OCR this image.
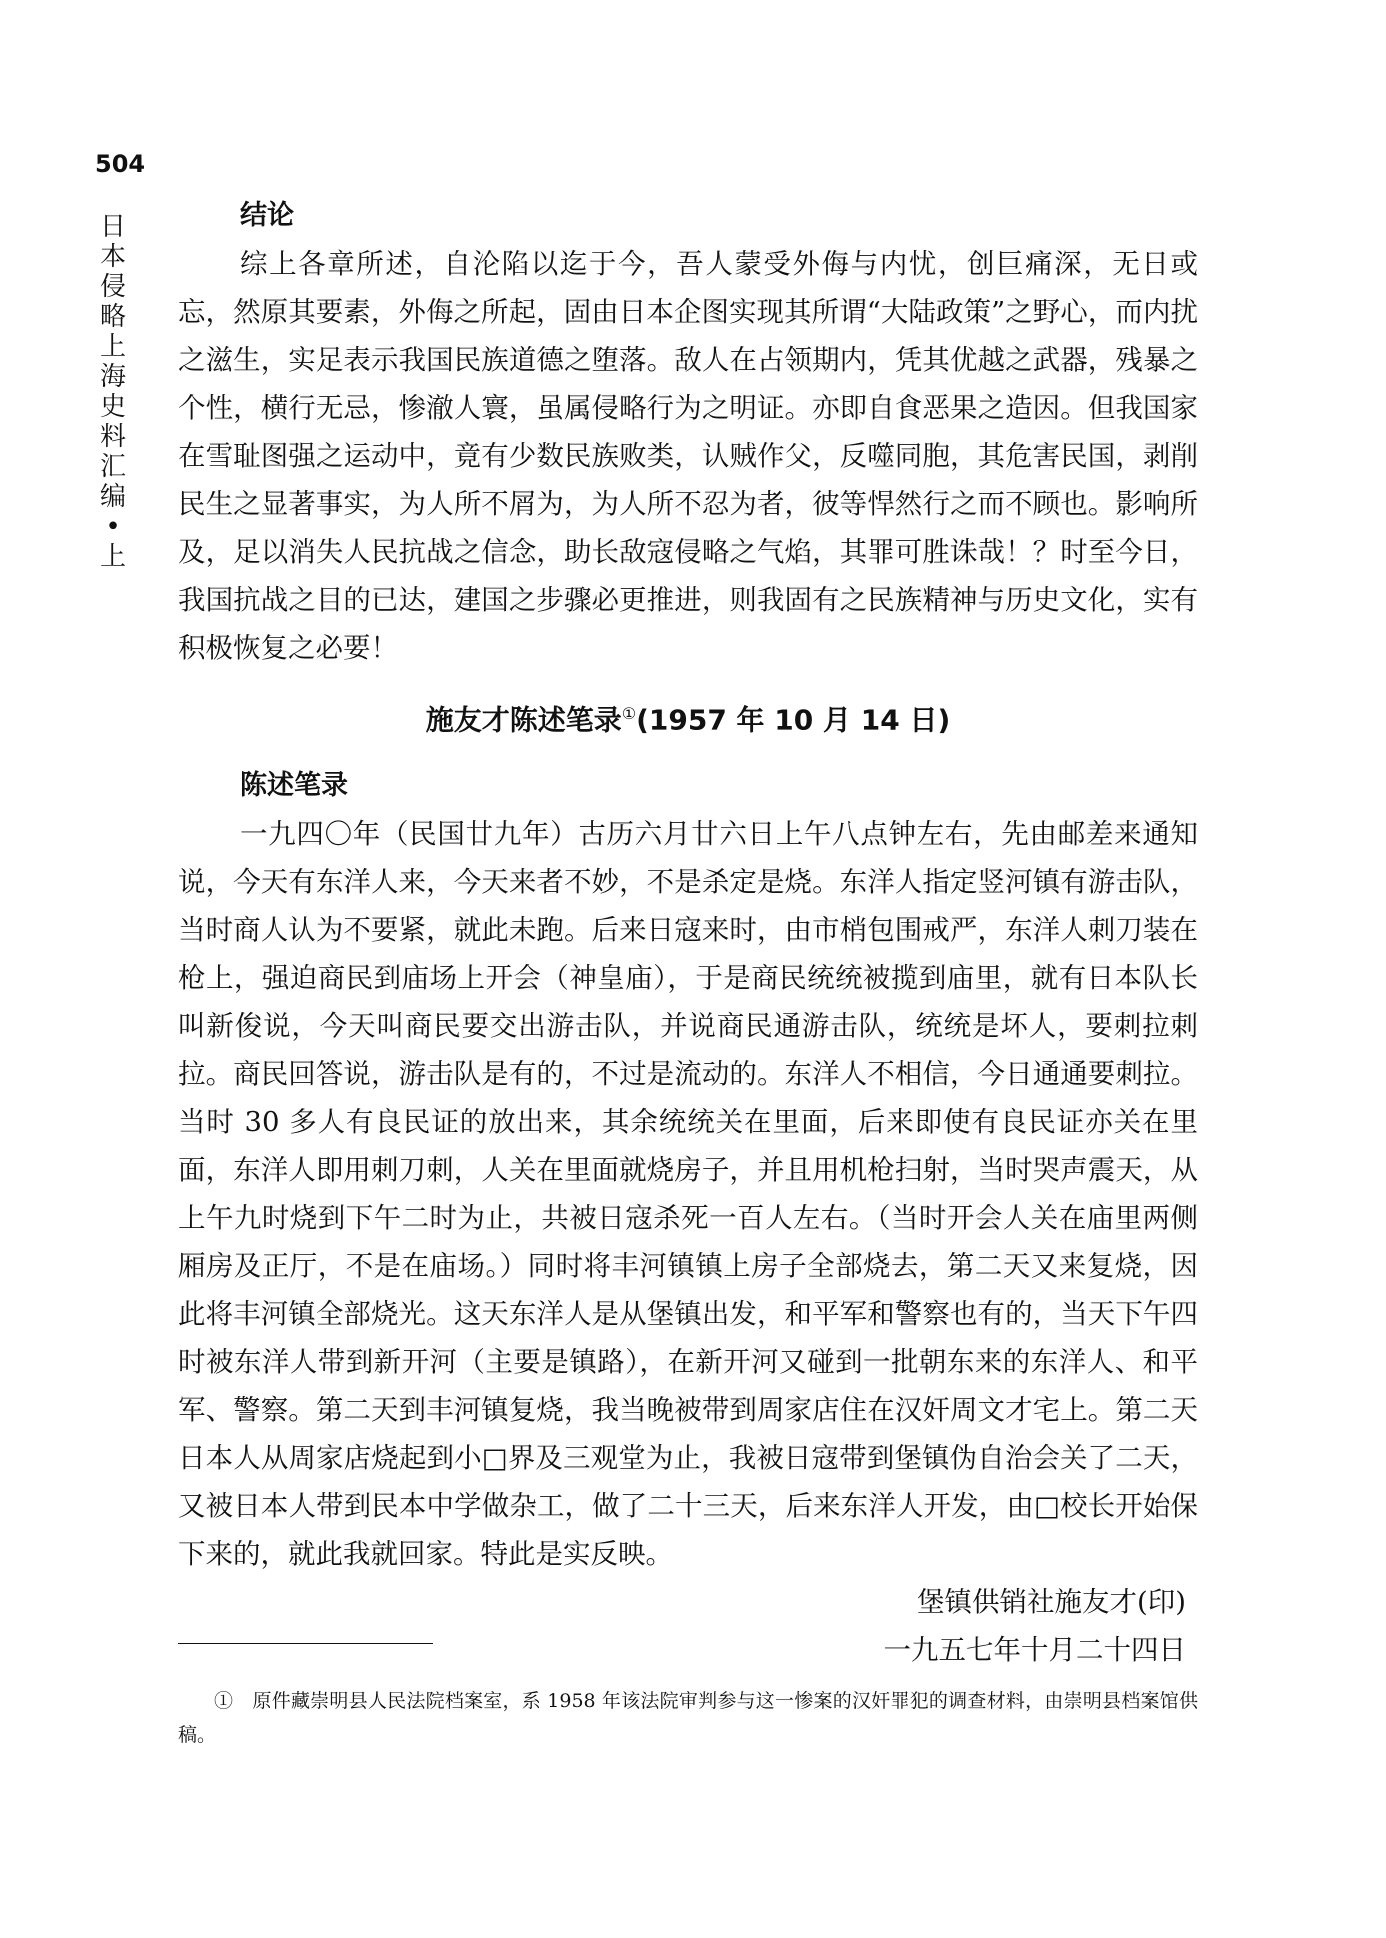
504
日本侵略上海史料汇编•上

结论

综上各章所述，自沦陷以迄于今，吾人蒙受外侮与内忧，创巨痛深，无日或忘，然原其要素，外侮之所起，固由日本企图实现其所谓“大陆政策”之野心，而内扰之滋生，实足表示我国民族道德之堕落。敌人在占领期内，凭其优越之武器，残暴之个性，横行无忌，惨澈人寰，虽属侵略行为之明证。亦即自食恶果之造因。但我国家在雪耻图强之运动中，竟有少数民族败类，认贼作父，反噬同胞，其危害民国，剥削民生之显著事实，为人所不屑为，为人所不忍为者，彼等悍然行之而不顾也。影响所及，足以消失人民抗战之信念，助长敌寇侵略之气焰，其罪可胜诛哉！？时至今日，我国抗战之目的已达，建国之步骤必更推进，则我固有之民族精神与历史文化，实有积极恢复之必要！

施友才陈述笔录①(1957 年 10 月 14 日)

陈述笔录

一九四〇年（民国廿九年）古历六月廿六日上午八点钟左右，先由邮差来通知说，今天有东洋人来，今天来者不妙，不是杀定是烧。东洋人指定竖河镇有游击队，当时商人认为不要紧，就此未跑。后来日寇来时，由市梢包围戒严，东洋人刺刀装在枪上，强迫商民到庙场上开会（神皇庙），于是商民统统被揽到庙里，就有日本队长叫新俊说，今天叫商民要交出游击队，并说商民通游击队，统统是坏人，要刺拉刺拉。商民回答说，游击队是有的，不过是流动的。东洋人不相信，今日通通要刺拉。当时 30 多人有良民证的放出来，其余统统关在里面，后来即使有良民证亦关在里面，东洋人即用刺刀刺，人关在里面就烧房子，并且用机枪扫射，当时哭声震天，从上午九时烧到下午二时为止，共被日寇杀死一百人左右。（当时开会人关在庙里两侧厢房及正厅，不是在庙场。）同时将丰河镇镇上房子全部烧去，第二天又来复烧，因此将丰河镇全部烧光。这天东洋人是从堡镇出发，和平军和警察也有的，当天下午四时被东洋人带到新开河（主要是镇路），在新开河又碰到一批朝东来的东洋人、和平军、警察。第二天到丰河镇复烧，我当晚被带到周家店住在汉奸周文才宅上。第二天日本人从周家店烧起到小□界及三观堂为止，我被日寇带到堡镇伪自治会关了二天，又被日本人带到民本中学做杂工，做了二十三天，后来东洋人开发，由□校长开始保下来的，就此我就回家。特此是实反映。

堡镇供销社施友才(印)

一九五七年十月二十四日

①　原件藏崇明县人民法院档案室，系 1958 年该法院审判参与这一惨案的汉奸罪犯的调查材料，由崇明县档案馆供稿。
